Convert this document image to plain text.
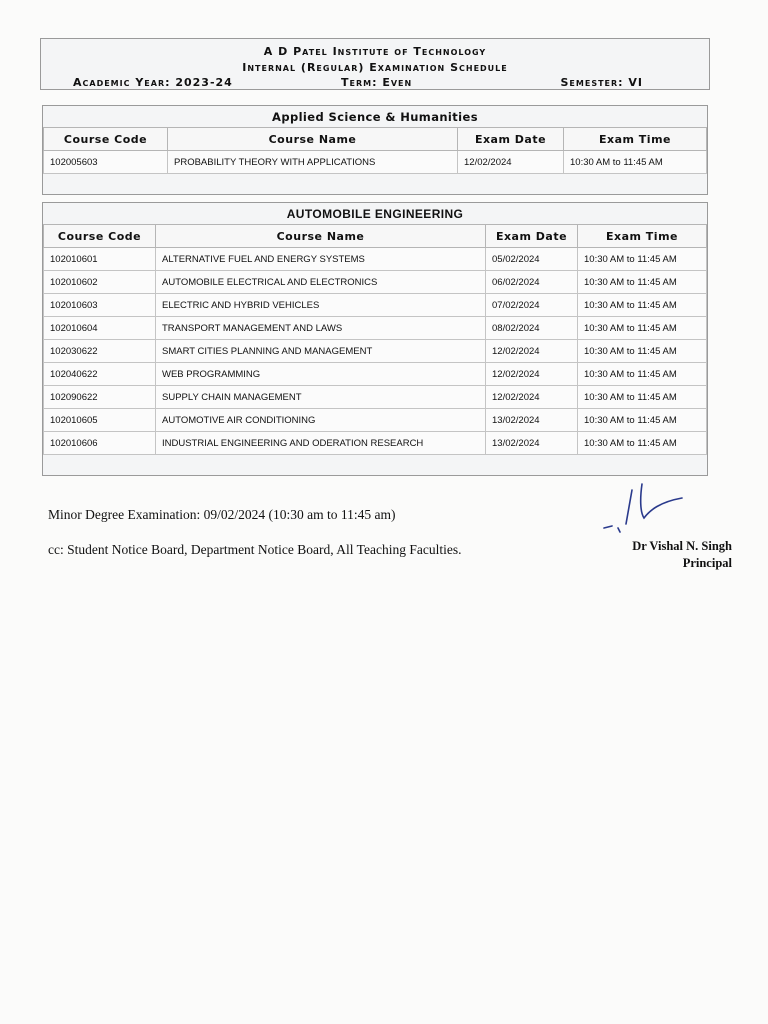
A D Patel Institute of Technology
Internal (Regular) Examination Schedule
Academic Year: 2023-24	Term: Even	Semester: VI
Applied Science & Humanities
Course Code	Course Name	Exam Date	Exam Time
102005603	PROBABILITY THEORY WITH APPLICATIONS	12/02/2024	10:30 AM to 11:45 AM
AUTOMOBILE ENGINEERING
Course Code	Course Name	Exam Date	Exam Time
102010601	ALTERNATIVE FUEL AND ENERGY SYSTEMS	05/02/2024	10:30 AM to 11:45 AM
102010602	AUTOMOBILE ELECTRICAL AND ELECTRONICS	06/02/2024	10:30 AM to 11:45 AM
102010603	ELECTRIC AND HYBRID VEHICLES	07/02/2024	10:30 AM to 11:45 AM
102010604	TRANSPORT MANAGEMENT AND LAWS	08/02/2024	10:30 AM to 11:45 AM
102030622	SMART CITIES PLANNING AND MANAGEMENT	12/02/2024	10:30 AM to 11:45 AM
102040622	WEB PROGRAMMING	12/02/2024	10:30 AM to 11:45 AM
102090622	SUPPLY CHAIN MANAGEMENT	12/02/2024	10:30 AM to 11:45 AM
102010605	AUTOMOTIVE AIR CONDITIONING	13/02/2024	10:30 AM to 11:45 AM
102010606	INDUSTRIAL ENGINEERING AND ODERATION RESEARCH	13/02/2024	10:30 AM to 11:45 AM
Minor Degree Examination: 09/02/2024 (10:30 am to 11:45 am)
cc: Student Notice Board, Department Notice Board, All Teaching Faculties.	Dr Vishal N. Singh
Principal
